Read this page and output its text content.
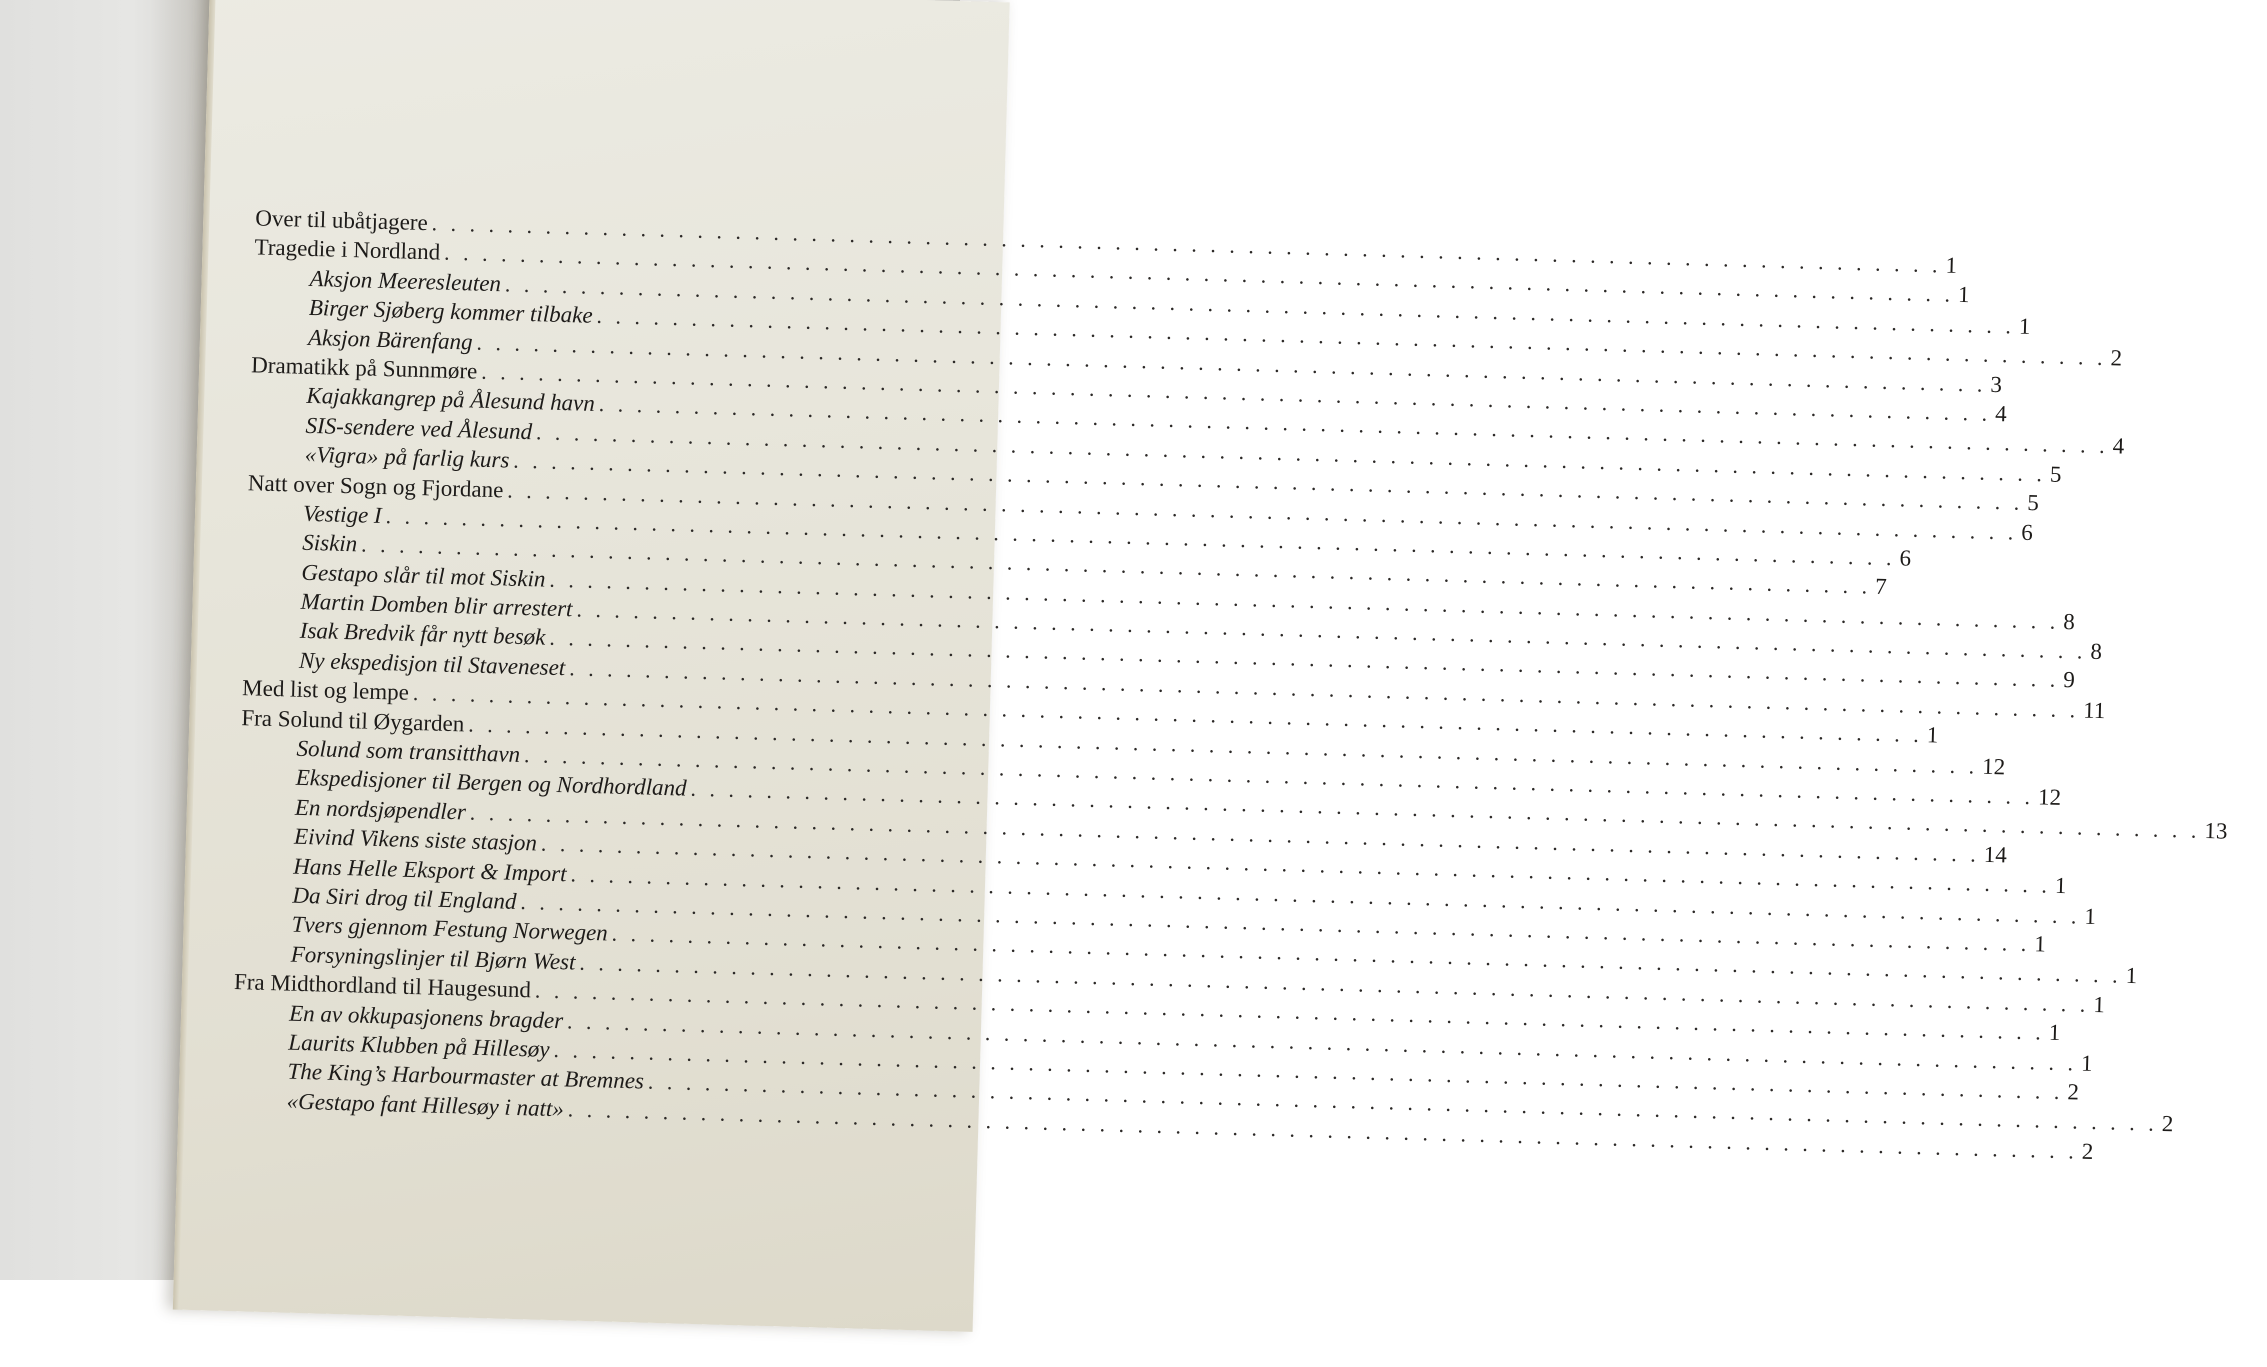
Over til ubåtjagere
. . .
1
Tragedie i Nordland
. . .
1
Aksjon Meeresleuten
. . .
1
Birger Sjøberg kommer tilbake
. . .
2
Aksjon Bärenfang
. . .
3
Dramatikk på Sunnmøre
. . .
4
Kajakkangrep på Ålesund havn
. . .
4
SIS-sendere ved Ålesund
. . .
5
«Vigra» på farlig kurs
. . .
5
Natt over Sogn og Fjordane
. . .
6
Vestige I
. . .
6
Siskin
. . .
7
Gestapo slår til mot Siskin
. . .
8
Martin Domben blir arrestert
. . .
8
Isak Bredvik får nytt besøk
. . .
9
Ny ekspedisjon til Staveneset
. . .
11
Med list og lempe
. . .
1
Fra Solund til Øygarden
. . .
12
Solund som transitthavn
. . .
12
Ekspedisjoner til Bergen og Nordhordland
. . .
13
En nordsjøpendler
. . .
14
Eivind Vikens siste stasjon
. . .
1
Hans Helle Eksport & Import
. . .
1
Da Siri drog til England
. . .
1
Tvers gjennom Festung Norwegen
. . .
1
Forsyningslinjer til Bjørn West
. . .
1
Fra Midthordland til Haugesund
. . .
1
En av okkupasjonens bragder
. . .
1
Laurits Klubben på Hillesøy
. . .
2
The King’s Harbourmaster at Bremnes
. . .
2
«Gestapo fant Hillesøy i natt»
. . .
2
